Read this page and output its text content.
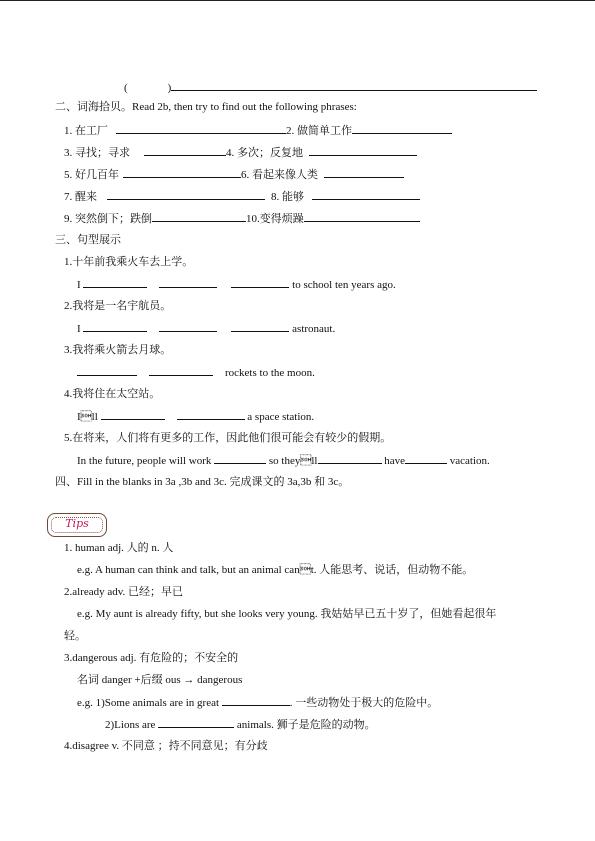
(	)
二、词海拾贝。Read 2b, then try to find out the following phrases:
1. 在工厂	2. 做简单工作
3. 寻找；寻求	4. 多次；反复地
5. 好几百年	6. 看起来像人类
7. 醒来	8. 能够
9. 突然倒下；跌倒	10.变得烦躁
三、句型展示
1.十年前我乘火车去上学。
I	to school ten years ago.
2.我将是一名宇航员。
I	astronaut.
3.我将乘火箭去月球。
rockets to the moon.
4.我将住在太空站。
Ill	a space station.
5.在将来，人们将有更多的工作，因此他们很可能会有较少的假期。
In the future, people will work	so theyll	have	vacation.
四、Fill in the blanks in 3a ,3b and 3c. 完成课文的 3a,3b 和 3c。
Tips
1. human adj. 人的 n. 人
e.g. A human can think and talk, but an animal cant. 人能思考、说话，但动物不能。
2.already adv. 已经；早已
e.g. My aunt is already fifty, but she looks very young. 我姑姑早已五十岁了，但她看起很年
轻。
3.dangerous adj. 有危险的；不安全的
名词 danger +后缀 ous → dangerous
e.g. 1)Some animals are in great	. 一些动物处于极大的危险中。
2)Lions are	animals. 狮子是危险的动物。
4.disagree v. 不同意 ；持不同意见；有分歧
